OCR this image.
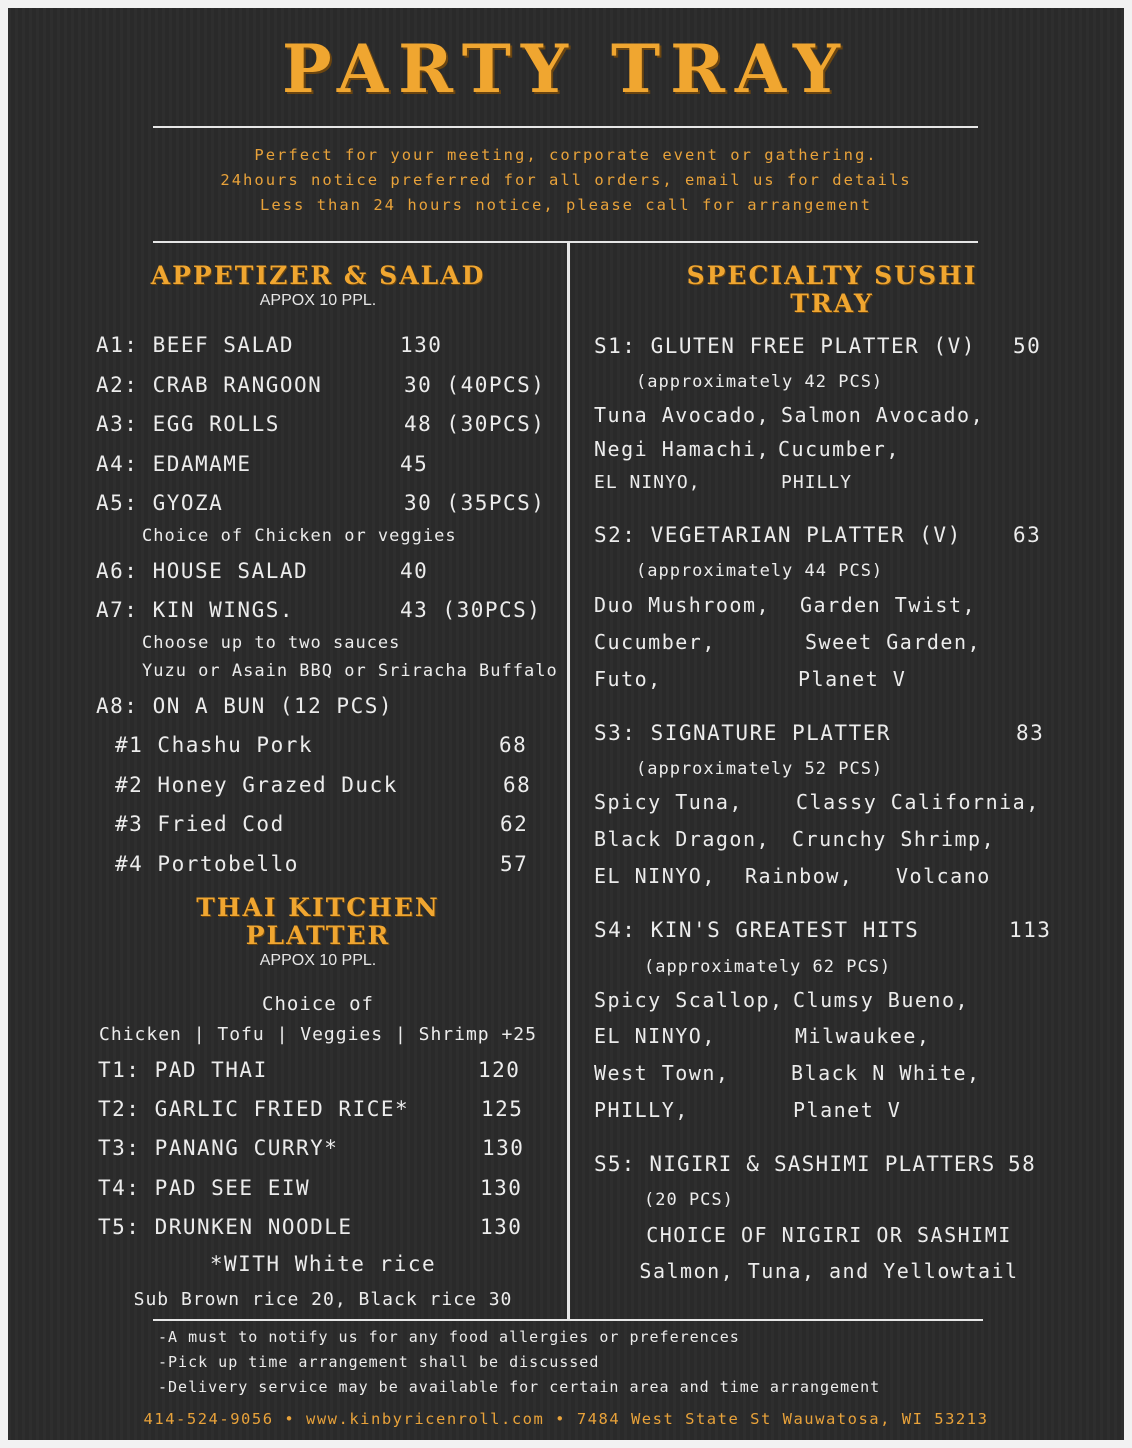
PARTY TRAY
Perfect for your meeting, corporate event or gathering.
24hours notice preferred for all orders, email us for details
Less than 24 hours notice, please call for arrangement
APPETIZER & SALAD
APPOX 10 PPL.
A1: BEEF SALAD	130
A2: CRAB RANGOON	30 (40PCS)
A3: EGG ROLLS	48 (30PCS)
A4: EDAMAME	45
A5: GYOZA	30 (35PCS)
Choice of Chicken or veggies
A6: HOUSE SALAD	40
A7: KIN WINGS.	43 (30PCS)
Choose up to two sauces
Yuzu or Asain BBQ or Sriracha Buffalo
A8: ON A BUN (12 PCS)
#1 Chashu Pork	68
#2 Honey Grazed Duck	68
#3 Fried Cod	62
#4 Portobello	57
THAI KITCHEN
PLATTER
APPOX 10 PPL.
Choice of
Chicken | Tofu | Veggies | Shrimp +25
T1: PAD THAI	120
T2: GARLIC FRIED RICE*	125
T3: PANANG CURRY*	130
T4: PAD SEE EIW	130
T5: DRUNKEN NOODLE	130
*WITH White rice
Sub Brown rice 20, Black rice 30
SPECIALTY SUSHI
TRAY
S1: GLUTEN FREE PLATTER (V) 50
(approximately 42 PCS)
Tuna Avocado, Salmon Avocado,
Negi Hamachi, Cucumber,
EL NINYO,	PHILLY
S2: VEGETARIAN PLATTER (V) 63
(approximately 44 PCS)
Duo Mushroom, Garden Twist,
Cucumber,	Sweet Garden,
Futo,	Planet V
S3: SIGNATURE PLATTER	83
(approximately 52 PCS)
Spicy Tuna,	Classy California,
Black Dragon, Crunchy Shrimp,
EL NINYO, Rainbow, Volcano
S4: KIN'S GREATEST HITS	113
(approximately 62 PCS)
Spicy Scallop, Clumsy Bueno,
EL NINYO,	Milwaukee,
West Town,	Black N White,
PHILLY,	Planet V
S5: NIGIRI & SASHIMI PLATTERS 58
(20 PCS)
CHOICE OF NIGIRI OR SASHIMI
Salmon, Tuna, and Yellowtail
-A must to notify us for any food allergies or preferences
-Pick up time arrangement shall be discussed
-Delivery service may be available for certain area and time arrangement
414-524-9056 • www.kinbyricenroll.com • 7484 West State St Wauwatosa, WI 53213
